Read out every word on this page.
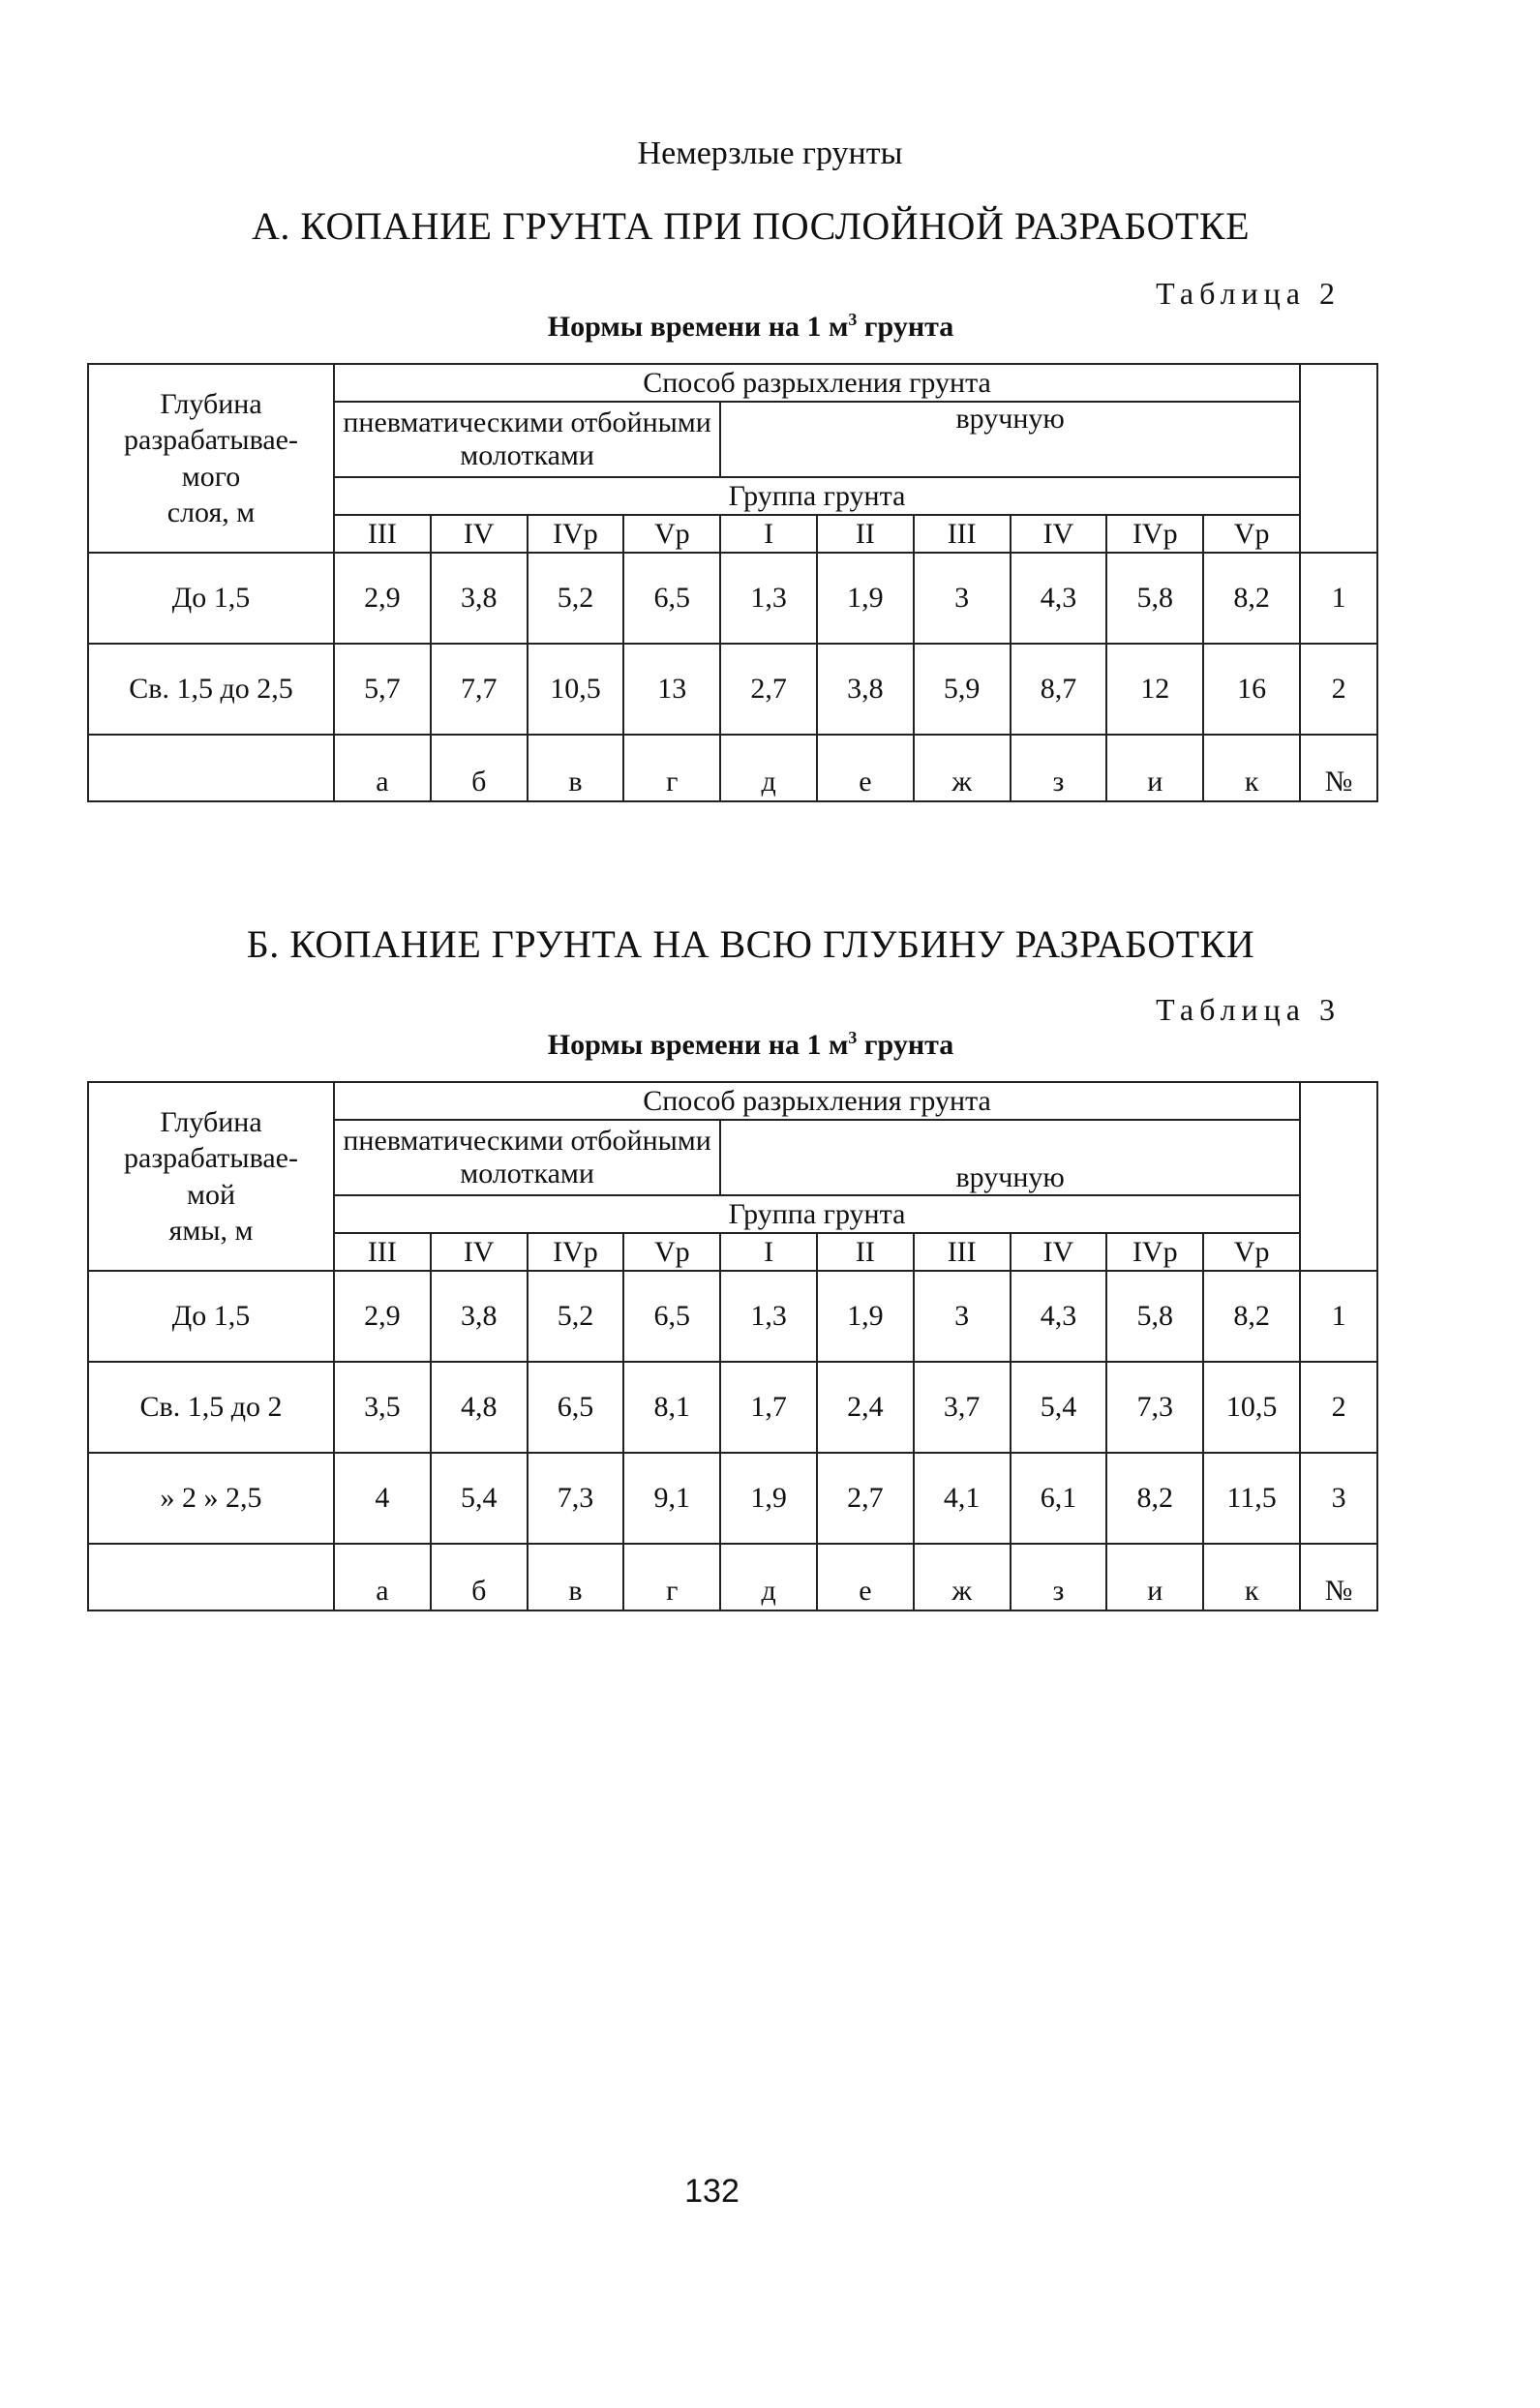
Немерзлые грунты
А. КОПАНИЕ ГРУНТА ПРИ ПОСЛОЙНОЙ РАЗРАБОТКЕ
Таблица 2
Нормы времени на 1 $м^3$ грунта
Глубина
разрабатывае-
мого
слоя, м	Способ разрыхления грунта										
	пневматическими отбойными молотками				вручную						
	Группа грунта										
	III	IV	IVр	Vр	I	II	III	IV	IVр	Vр	
До 1,5	2,9	3,8	5,2	6,5	1,3	1,9	3	4,3	5,8	8,2	1
Св. 1,5 до 2,5	5,7	7,7	10,5	13	2,7	3,8	5,9	8,7	12	16	2
	а	б	в	г	д	е	ж	з	и	к	№
Б. КОПАНИЕ ГРУНТА НА ВСЮ ГЛУБИНУ РАЗРАБОТКИ
Таблица 3
Нормы времени на 1 $м^3$ грунта
Глубина
разрабатывае-
мой
ямы, м	Способ разрыхления грунта										
	пневматическими отбойными молотками				вручную						
	Группа грунта										
	III	IV	IVр	Vр	I	II	III	IV	IVр	Vр	
До 1,5	2,9	3,8	5,2	6,5	1,3	1,9	3	4,3	5,8	8,2	1
Св. 1,5 до 2	3,5	4,8	6,5	8,1	1,7	2,4	3,7	5,4	7,3	10,5	2
» 2 » 2,5	4	5,4	7,3	9,1	1,9	2,7	4,1	6,1	8,2	11,5	3
	а	б	в	г	д	е	ж	з	и	к	№
132
